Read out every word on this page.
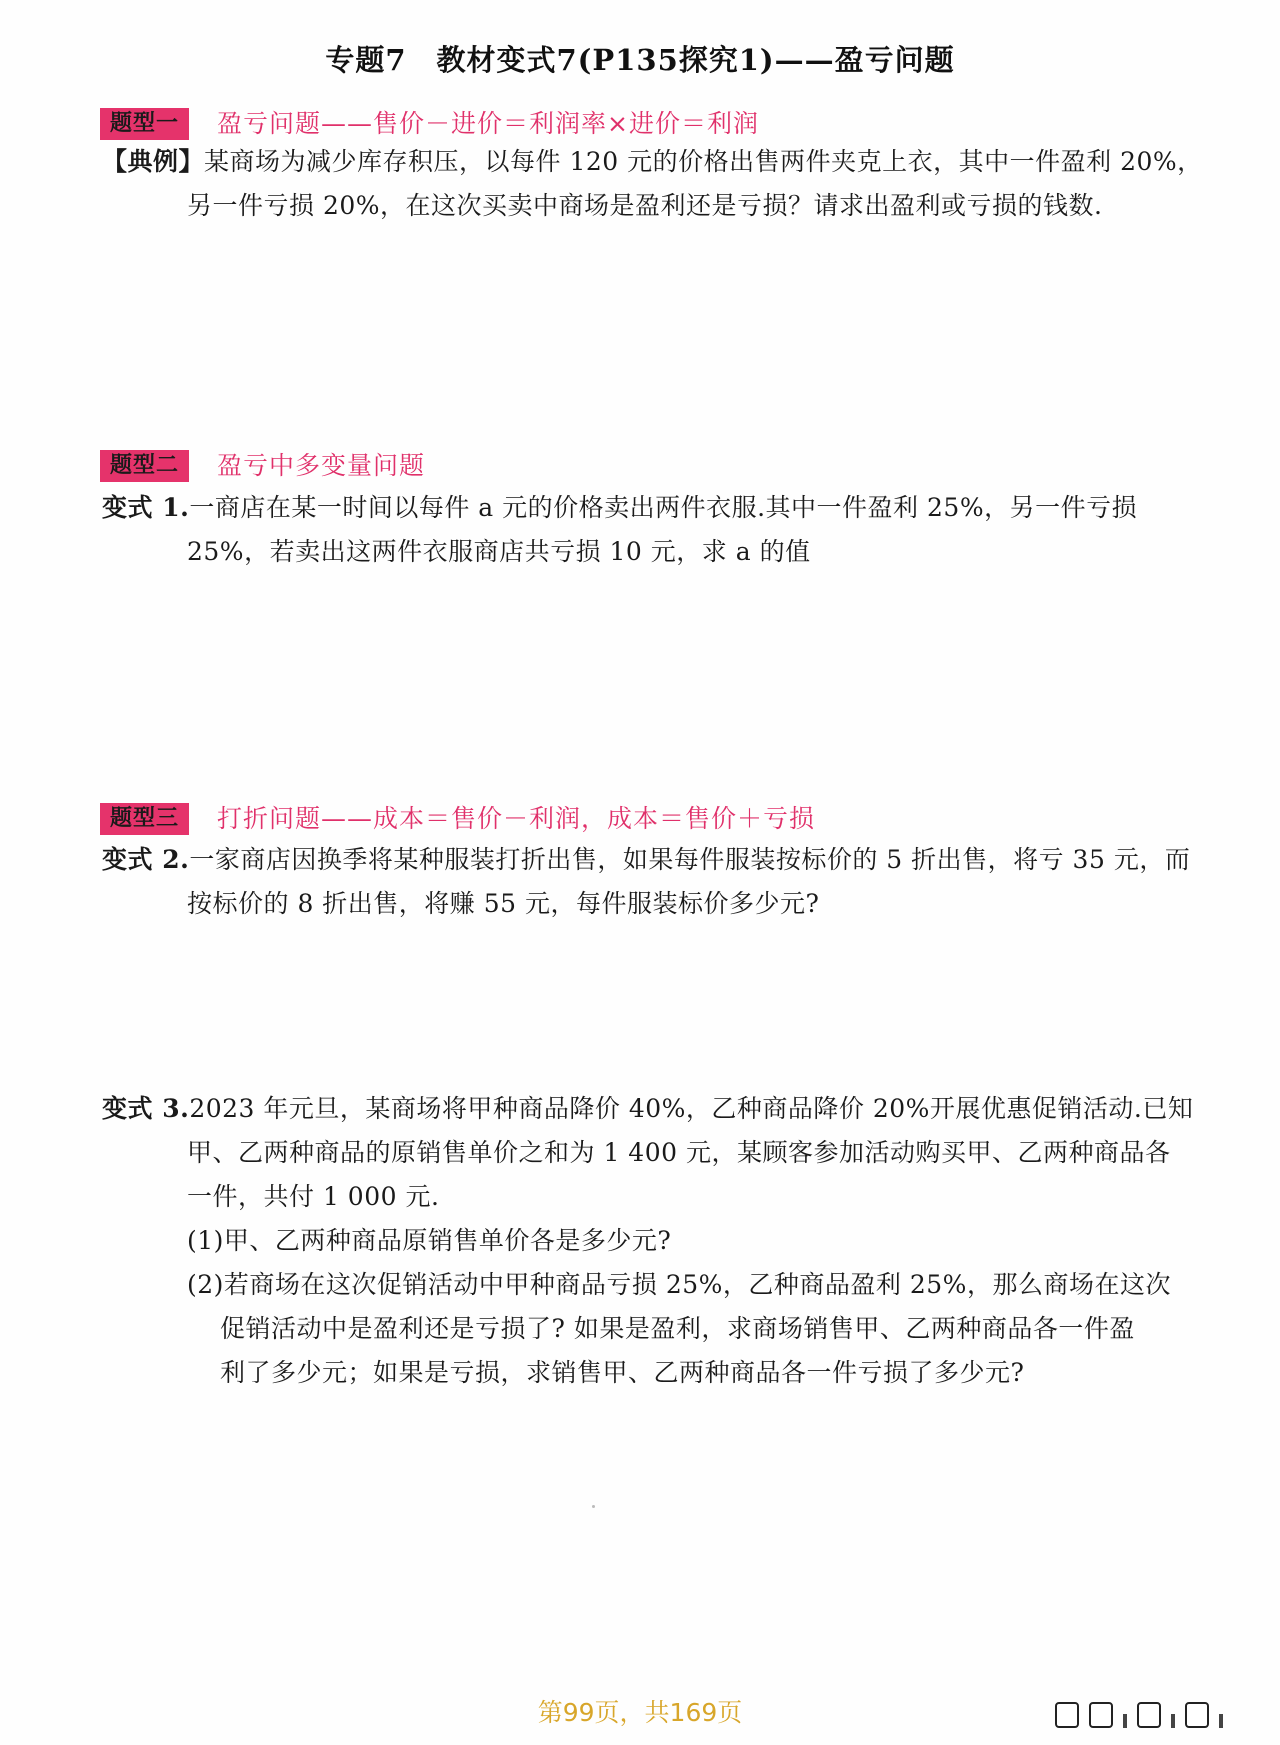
专题7　教材变式7(P135探究1)——盈亏问题
题型一	盈亏问题——售价－进价＝利润率×进价＝利润
【典例】某商场为减少库存积压，以每件 120 元的价格出售两件夹克上衣，其中一件盈利 20%，
另一件亏损 20%，在这次买卖中商场是盈利还是亏损？请求出盈利或亏损的钱数.
题型二	盈亏中多变量问题
变式 1.一商店在某一时间以每件 a 元的价格卖出两件衣服.其中一件盈利 25%，另一件亏损
25%，若卖出这两件衣服商店共亏损 10 元，求 a 的值
题型三	打折问题——成本＝售价－利润，成本＝售价＋亏损
变式 2.一家商店因换季将某种服装打折出售，如果每件服装按标价的 5 折出售，将亏 35 元，而
按标价的 8 折出售，将赚 55 元，每件服装标价多少元?
变式 3.2023 年元旦，某商场将甲种商品降价 40%，乙种商品降价 20%开展优惠促销活动.已知
甲、乙两种商品的原销售单价之和为 1 400 元，某顾客参加活动购买甲、乙两种商品各
一件，共付 1 000 元.
(1)甲、乙两种商品原销售单价各是多少元?
(2)若商场在这次促销活动中甲种商品亏损 25%，乙种商品盈利 25%，那么商场在这次
促销活动中是盈利还是亏损了? 如果是盈利，求商场销售甲、乙两种商品各一件盈
利了多少元；如果是亏损，求销售甲、乙两种商品各一件亏损了多少元?
第99页，共169页
